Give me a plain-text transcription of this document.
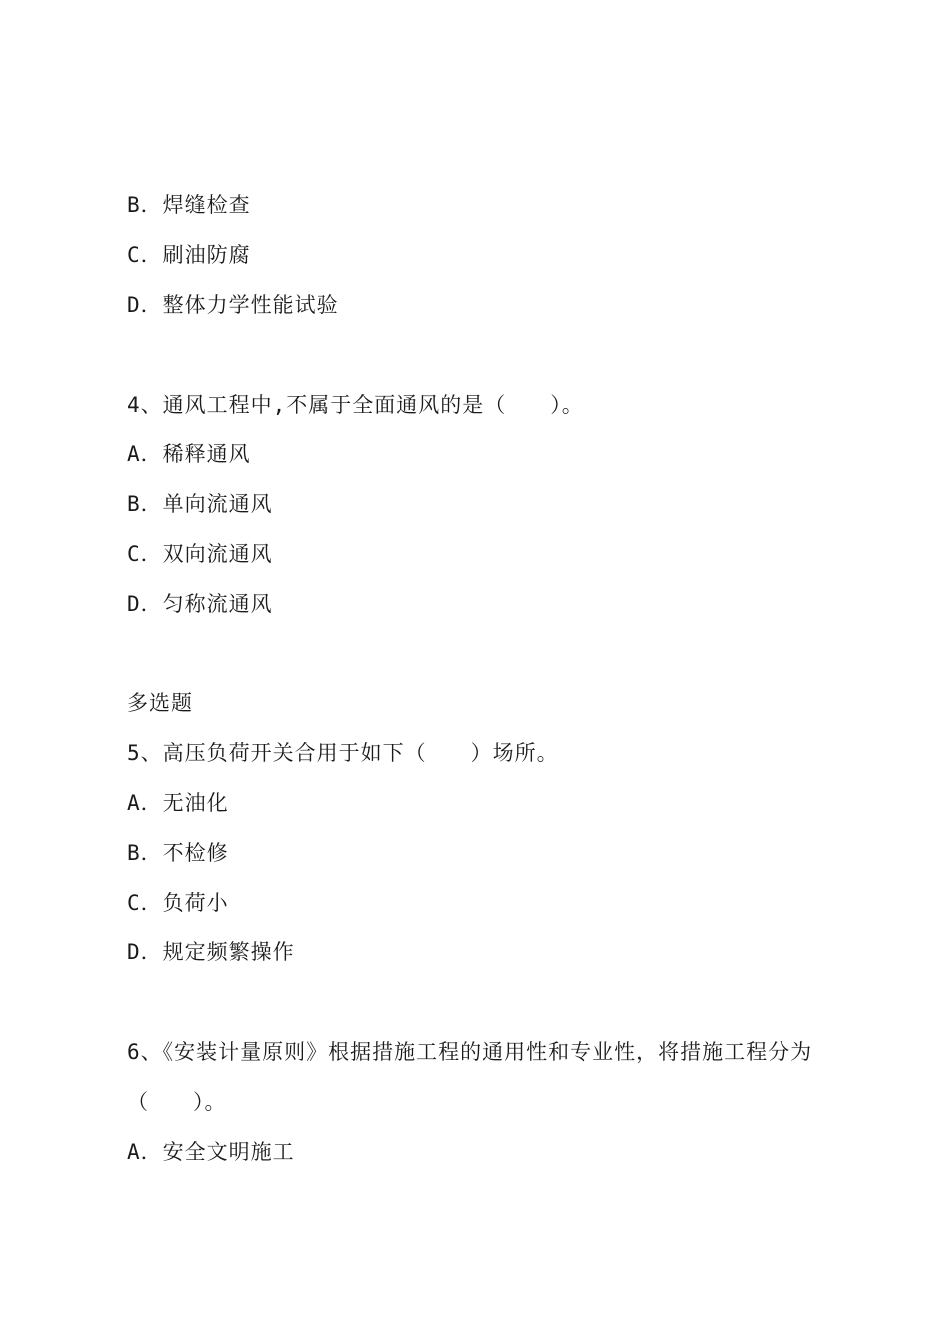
B．焊缝检查
C．刷油防腐
D．整体力学性能试验
4、通风工程中,不属于全面通风的是（　　）。
A．稀释通风
B．单向流通风
C．双向流通风
D．匀称流通风
多选题
5、高压负荷开关合用于如下（　　）场所。
A．无油化
B．不检修
C．负荷小
D．规定频繁操作
6、《安装计量原则》根据措施工程的通用性和专业性，将措施工程分为
（　　）。
A．安全文明施工
